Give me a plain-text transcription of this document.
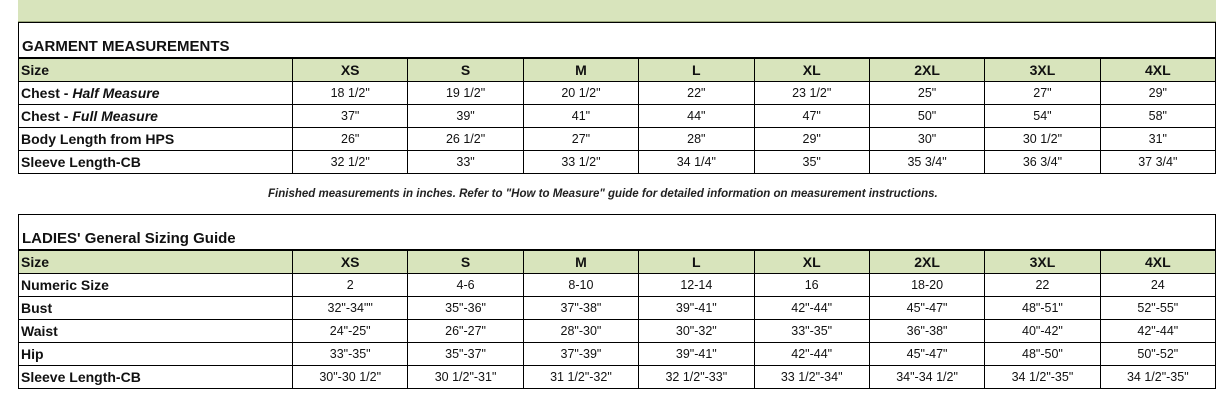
GARMENT MEASUREMENTS								
Size	XS	S	M	L	XL	2XL	3XL	4XL
Chest - Half Measure	18 1/2"	19 1/2"	20 1/2"	22"	23 1/2"	25"	27"	29"
Chest - Full Measure	37"	39"	41"	44"	47"	50"	54"	58"
Body Length from HPS	26"	26 1/2"	27"	28"	29"	30"	30 1/2"	31"
Sleeve Length-CB	32 1/2"	33"	33 1/2"	34 1/4"	35"	35 3/4"	36 3/4"	37 3/4"
Finished measurements in inches. Refer to "How to Measure" guide for detailed information on measurement instructions.
LADIES' General Sizing Guide								
Size	XS	S	M	L	XL	2XL	3XL	4XL
Numeric Size	2	4-6	8-10	12-14	16	18-20	22	24
Bust	32"-34""	35"-36"	37"-38"	39"-41"	42"-44"	45"-47"	48"-51"	52"-55"
Waist	24"-25"	26"-27"	28"-30"	30"-32"	33"-35"	36"-38"	40"-42"	42"-44"
Hip	33"-35"	35"-37"	37"-39"	39"-41"	42"-44"	45"-47"	48"-50"	50"-52"
Sleeve Length-CB	30"-30 1/2"	30 1/2"-31"	31 1/2"-32"	32 1/2"-33"	33 1/2"-34"	34"-34 1/2"	34 1/2"-35"	34 1/2"-35"
